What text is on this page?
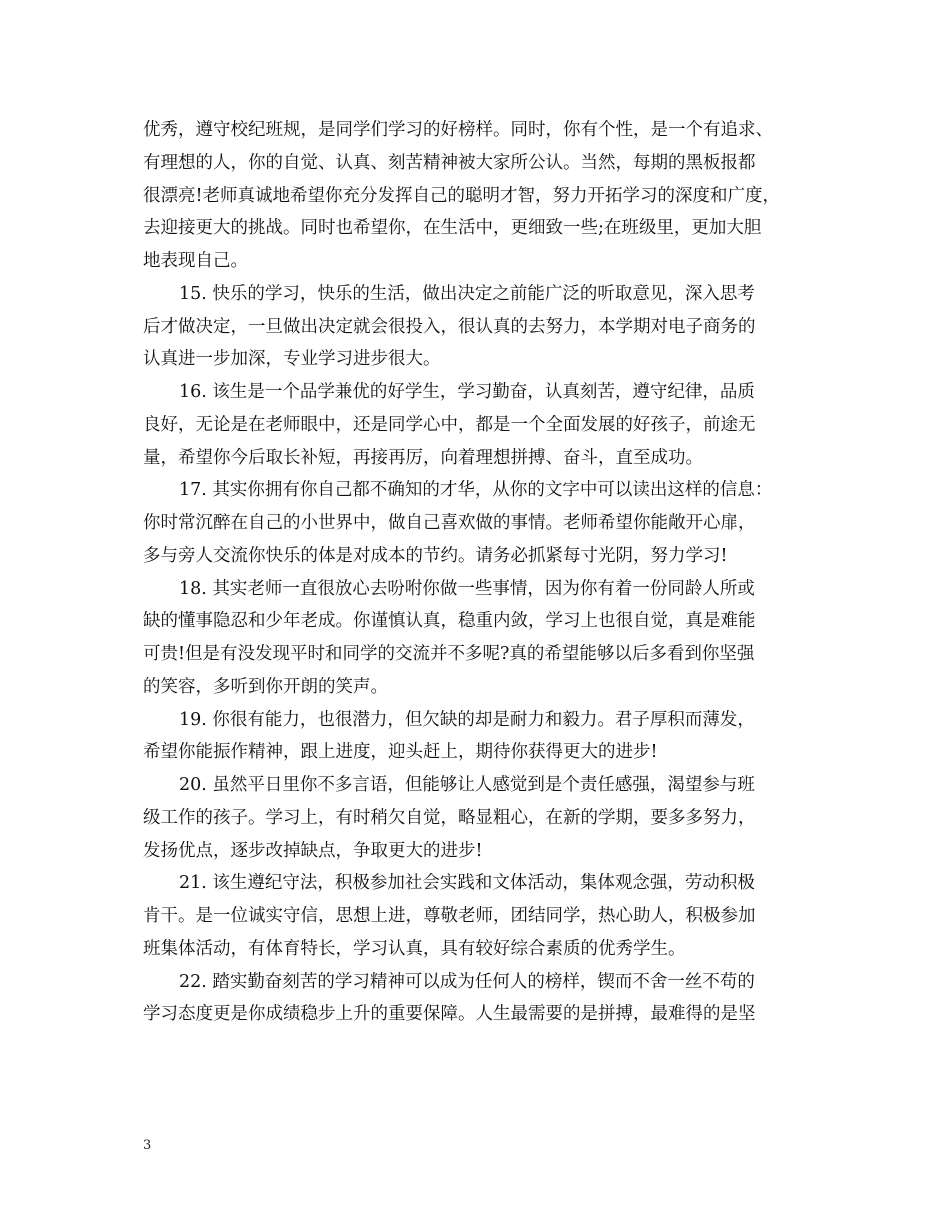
优秀，遵守校纪班规，是同学们学习的好榜样。同时，你有个性，是一个有追求、
有理想的人，你的自觉、认真、刻苦精神被大家所公认。当然，每期的黑板报都
很漂亮!老师真诚地希望你充分发挥自己的聪明才智，努力开拓学习的深度和广度，
去迎接更大的挑战。同时也希望你，在生活中，更细致一些;在班级里，更加大胆
地表现自己。
15. 快乐的学习，快乐的生活，做出决定之前能广泛的听取意见，深入思考
后才做决定，一旦做出决定就会很投入，很认真的去努力，本学期对电子商务的
认真进一步加深，专业学习进步很大。
16. 该生是一个品学兼优的好学生，学习勤奋，认真刻苦，遵守纪律，品质
良好，无论是在老师眼中，还是同学心中，都是一个全面发展的好孩子，前途无
量，希望你今后取长补短，再接再厉，向着理想拼搏、奋斗，直至成功。
17. 其实你拥有你自己都不确知的才华，从你的文字中可以读出这样的信息：
你时常沉醉在自己的小世界中，做自己喜欢做的事情。老师希望你能敞开心扉，
多与旁人交流你快乐的体是对成本的节约。请务必抓紧每寸光阴，努力学习!
18. 其实老师一直很放心去吩咐你做一些事情，因为你有着一份同龄人所或
缺的懂事隐忍和少年老成。你谨慎认真，稳重内敛，学习上也很自觉，真是难能
可贵!但是有没发现平时和同学的交流并不多呢?真的希望能够以后多看到你坚强
的笑容，多听到你开朗的笑声。
19. 你很有能力，也很潜力，但欠缺的却是耐力和毅力。君子厚积而薄发，
希望你能振作精神，跟上进度，迎头赶上，期待你获得更大的进步!
20. 虽然平日里你不多言语，但能够让人感觉到是个责任感强，渴望参与班
级工作的孩子。学习上，有时稍欠自觉，略显粗心，在新的学期，要多多努力，
发扬优点，逐步改掉缺点，争取更大的进步!
21. 该生遵纪守法，积极参加社会实践和文体活动，集体观念强，劳动积极
肯干。是一位诚实守信，思想上进，尊敬老师，团结同学，热心助人，积极参加
班集体活动，有体育特长，学习认真，具有较好综合素质的优秀学生。
22. 踏实勤奋刻苦的学习精神可以成为任何人的榜样，锲而不舍一丝不苟的
学习态度更是你成绩稳步上升的重要保障。人生最需要的是拼搏，最难得的是坚
3
